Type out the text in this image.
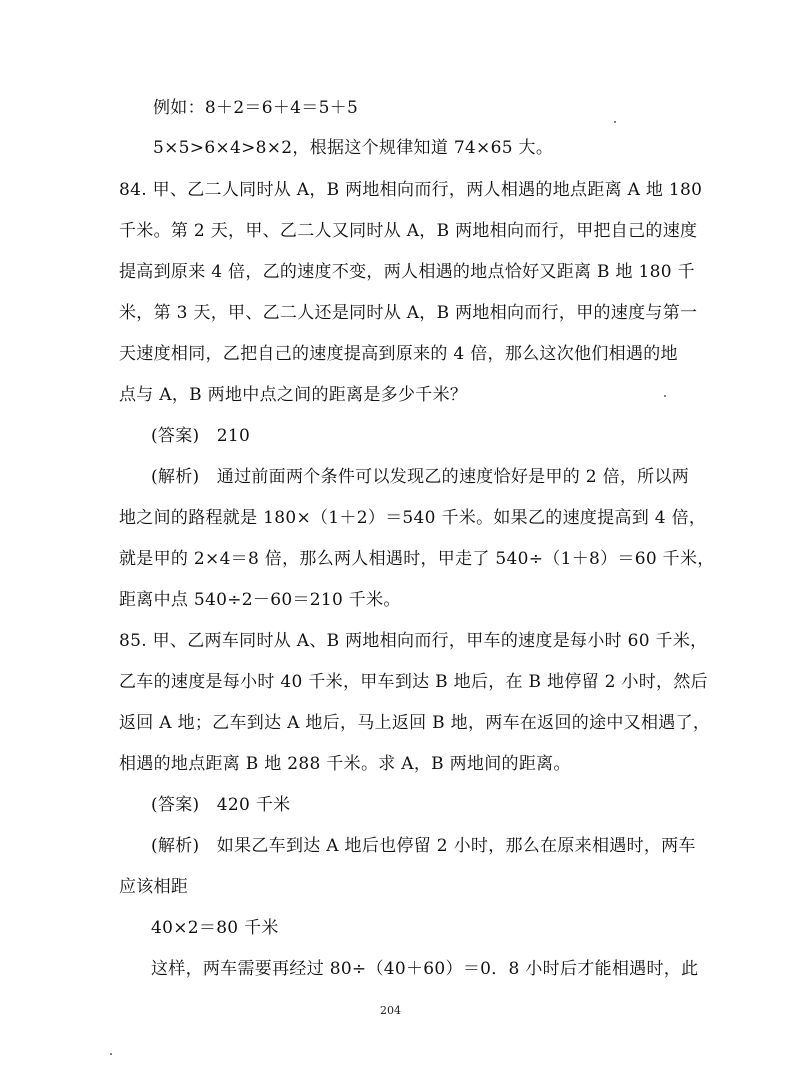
例如：8＋2＝6＋4＝5＋5
5×5>6×4>8×2，根据这个规律知道 74×65 大。
84. 甲、乙二人同时从 A，B 两地相向而行，两人相遇的地点距离 A 地 180
千米。第 2 天，甲、乙二人又同时从 A，B 两地相向而行，甲把自己的速度
提高到原来 4 倍，乙的速度不变，两人相遇的地点恰好又距离 B 地 180 千
米，第 3 天，甲、乙二人还是同时从 A，B 两地相向而行，甲的速度与第一
天速度相同，乙把自己的速度提高到原来的 4 倍，那么这次他们相遇的地
点与 A，B 两地中点之间的距离是多少千米？
(答案)　210
(解析)　通过前面两个条件可以发现乙的速度恰好是甲的 2 倍，所以两
地之间的路程就是 180×（1＋2）＝540 千米。如果乙的速度提高到 4 倍，
就是甲的 2×4＝8 倍，那么两人相遇时，甲走了 540÷（1＋8）＝60 千米，
距离中点 540÷2－60＝210 千米。
85. 甲、乙两车同时从 A、B 两地相向而行，甲车的速度是每小时 60 千米，
乙车的速度是每小时 40 千米，甲车到达 B 地后，在 B 地停留 2 小时，然后
返回 A 地；乙车到达 A 地后，马上返回 B 地，两车在返回的途中又相遇了，
相遇的地点距离 B 地 288 千米。求 A，B 两地间的距离。
(答案)　420 千米
(解析)　如果乙车到达 A 地后也停留 2 小时，那么在原来相遇时，两车
应该相距
40×2＝80 千米
这样，两车需要再经过 80÷（40＋60）＝0．8 小时后才能相遇时，此
204
